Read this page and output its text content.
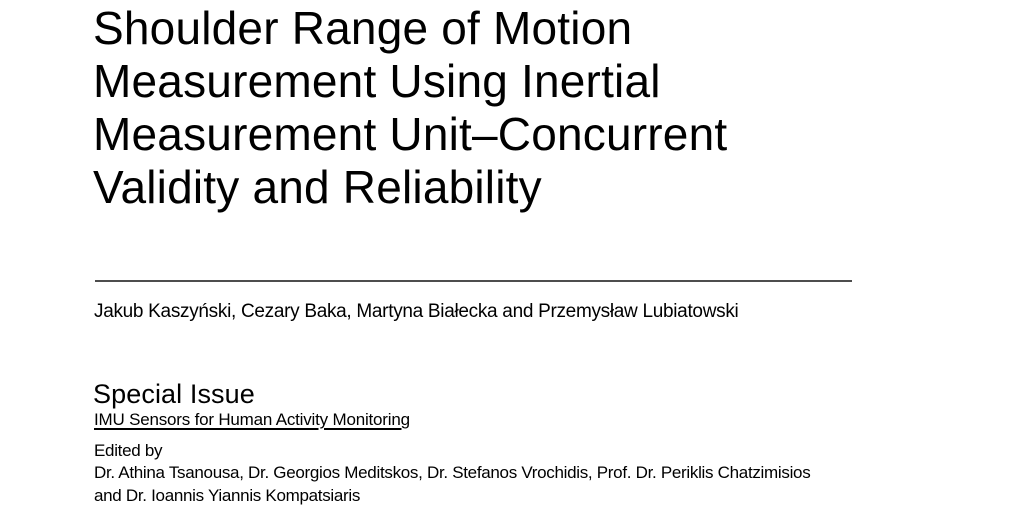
Shoulder Range of Motion
Measurement Using Inertial
Measurement Unit–Concurrent
Validity and Reliability
Jakub Kaszyński, Cezary Baka, Martyna Białecka and Przemysław Lubiatowski
Special Issue
IMU Sensors for Human Activity Monitoring
Edited by
Dr. Athina Tsanousa, Dr. Georgios Meditskos, Dr. Stefanos Vrochidis, Prof. Dr. Periklis Chatzimisios
and Dr. Ioannis Yiannis Kompatsiaris
